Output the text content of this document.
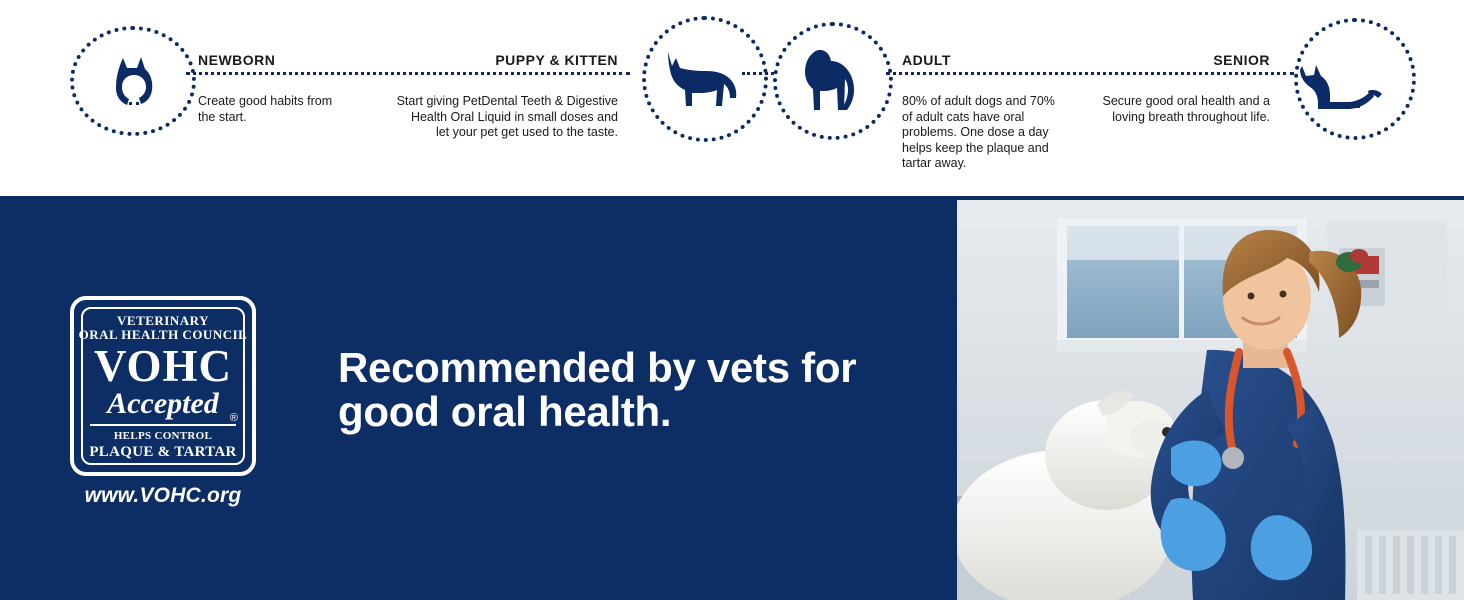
NEWBORN
Create good habits from the start.
PUPPY & KITTEN
Start giving PetDental Teeth & Digestive Health Oral Liquid in small doses and let your pet get used to the taste.
ADULT
80% of adult dogs and 70% of adult cats have oral problems. One dose a day helps keep the plaque and tartar away.
SENIOR
Secure good oral health and a loving breath throughout life.
VETERINARY
ORAL HEALTH COUNCIL
VOHC
Accepted	®
HELPS CONTROL
PLAQUE & TARTAR
www.VOHC.org
Recommended by vets for good oral health.
